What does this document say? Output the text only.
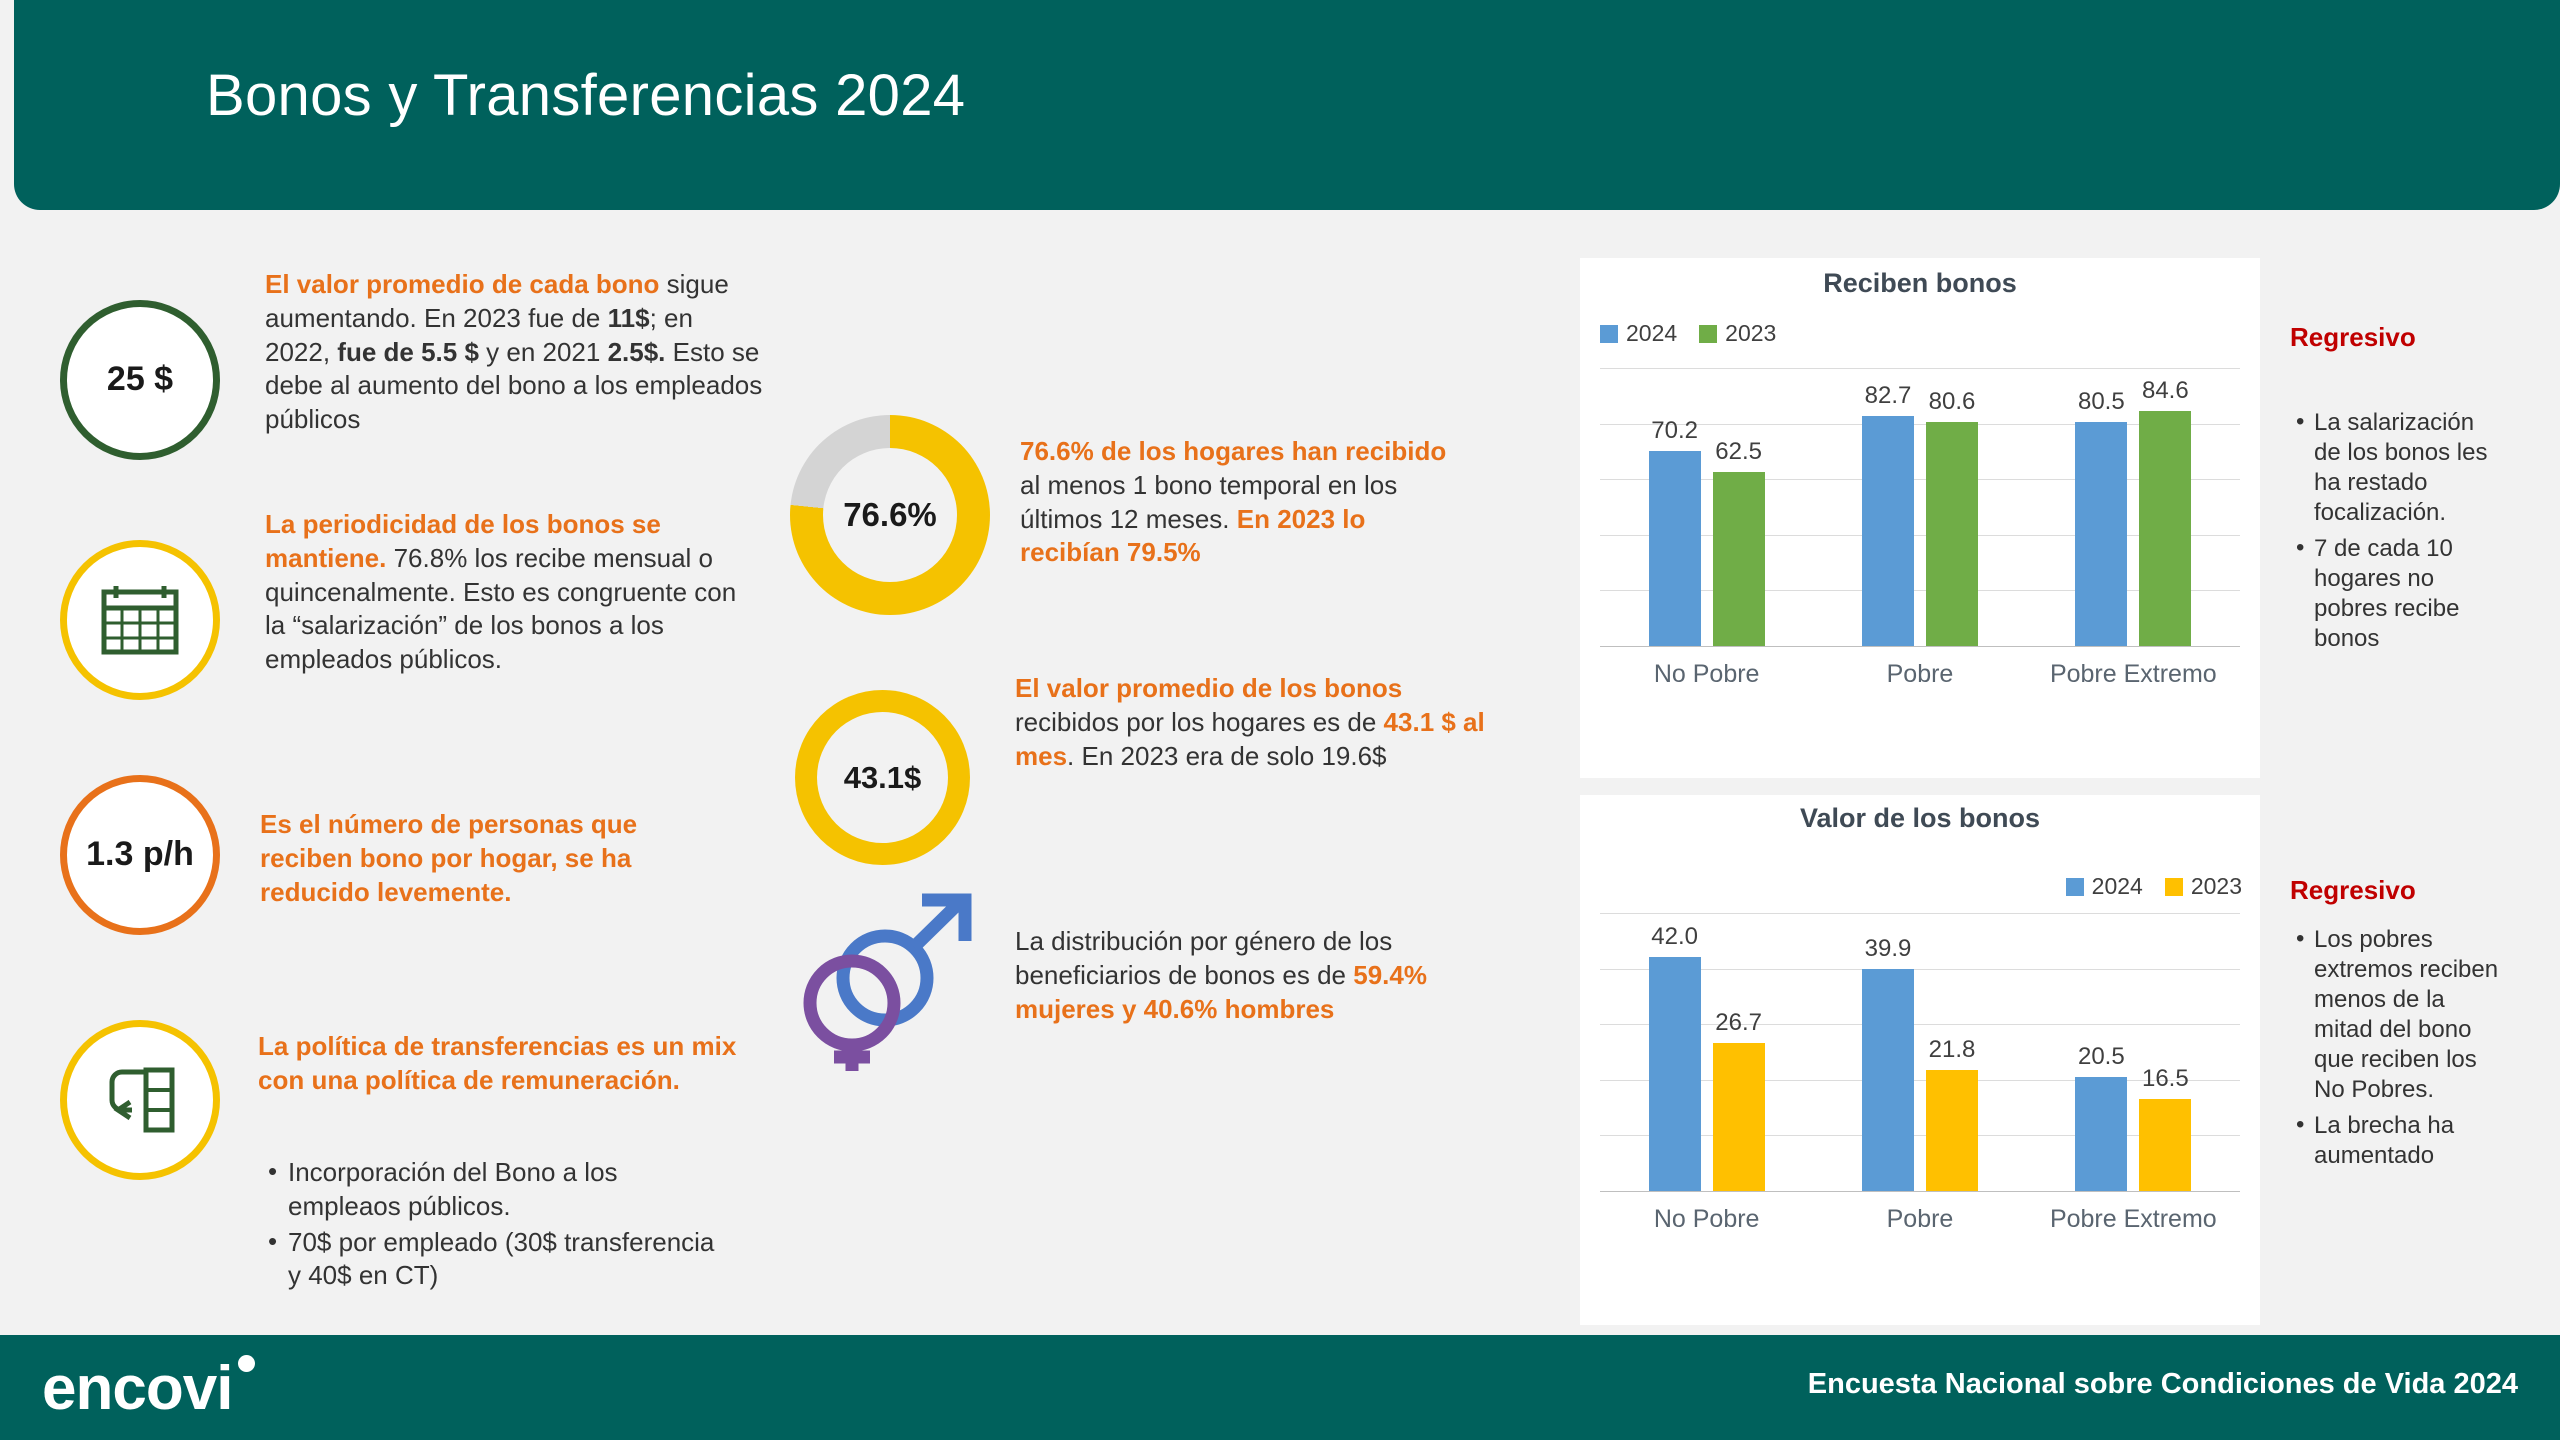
Bonos y Transferencias 2024
25 $
El valor promedio de cada bono sigue aumentando. En 2023 fue de 11$; en 2022, fue de 5.5 $ y en 2021 2.5$. Esto se debe al aumento del bono a los empleados públicos
La periodicidad de los bonos se mantiene. 76.8% los recibe mensual o quincenalmente. Esto es congruente con la “salarización” de los bonos a los empleados públicos.
1.3 p/h
Es el número de personas que reciben bono por hogar, se ha reducido levemente.
La política de transferencias es un mix con una política de remuneración.
• Incorporación del Bono a los empleaos públicos.
• 70$ por empleado (30$ transferencia y 40$ en CT)
76.6%
76.6% de los hogares han recibido al menos 1 bono temporal en los últimos 12 meses. En 2023 lo recibían 79.5%
43.1$
El valor promedio de los bonos recibidos por los hogares es de 43.1 $ al mes. En 2023 era de solo 19.6$
La distribución por género de los beneficiarios de bonos es de 59.4% mujeres y 40.6% hombres
Reciben bonos
2024 2023
70.2
62.5
No Pobre
82.7 80.6
Pobre
80.5 84.6
Pobre Extremo
Regresivo
• La salarización de los bonos les ha restado focalización.
• 7 de cada 10 hogares no pobres recibe bonos
Valor de los bonos
2024 2023
42.0
26.7
No Pobre
39.9
21.8
Pobre
20.5
16.5
Pobre Extremo
Regresivo
• Los pobres extremos reciben menos de la mitad del bono que reciben los No Pobres.
• La brecha ha aumentado
encovi	Encuesta Nacional sobre Condiciones de Vida 2024
